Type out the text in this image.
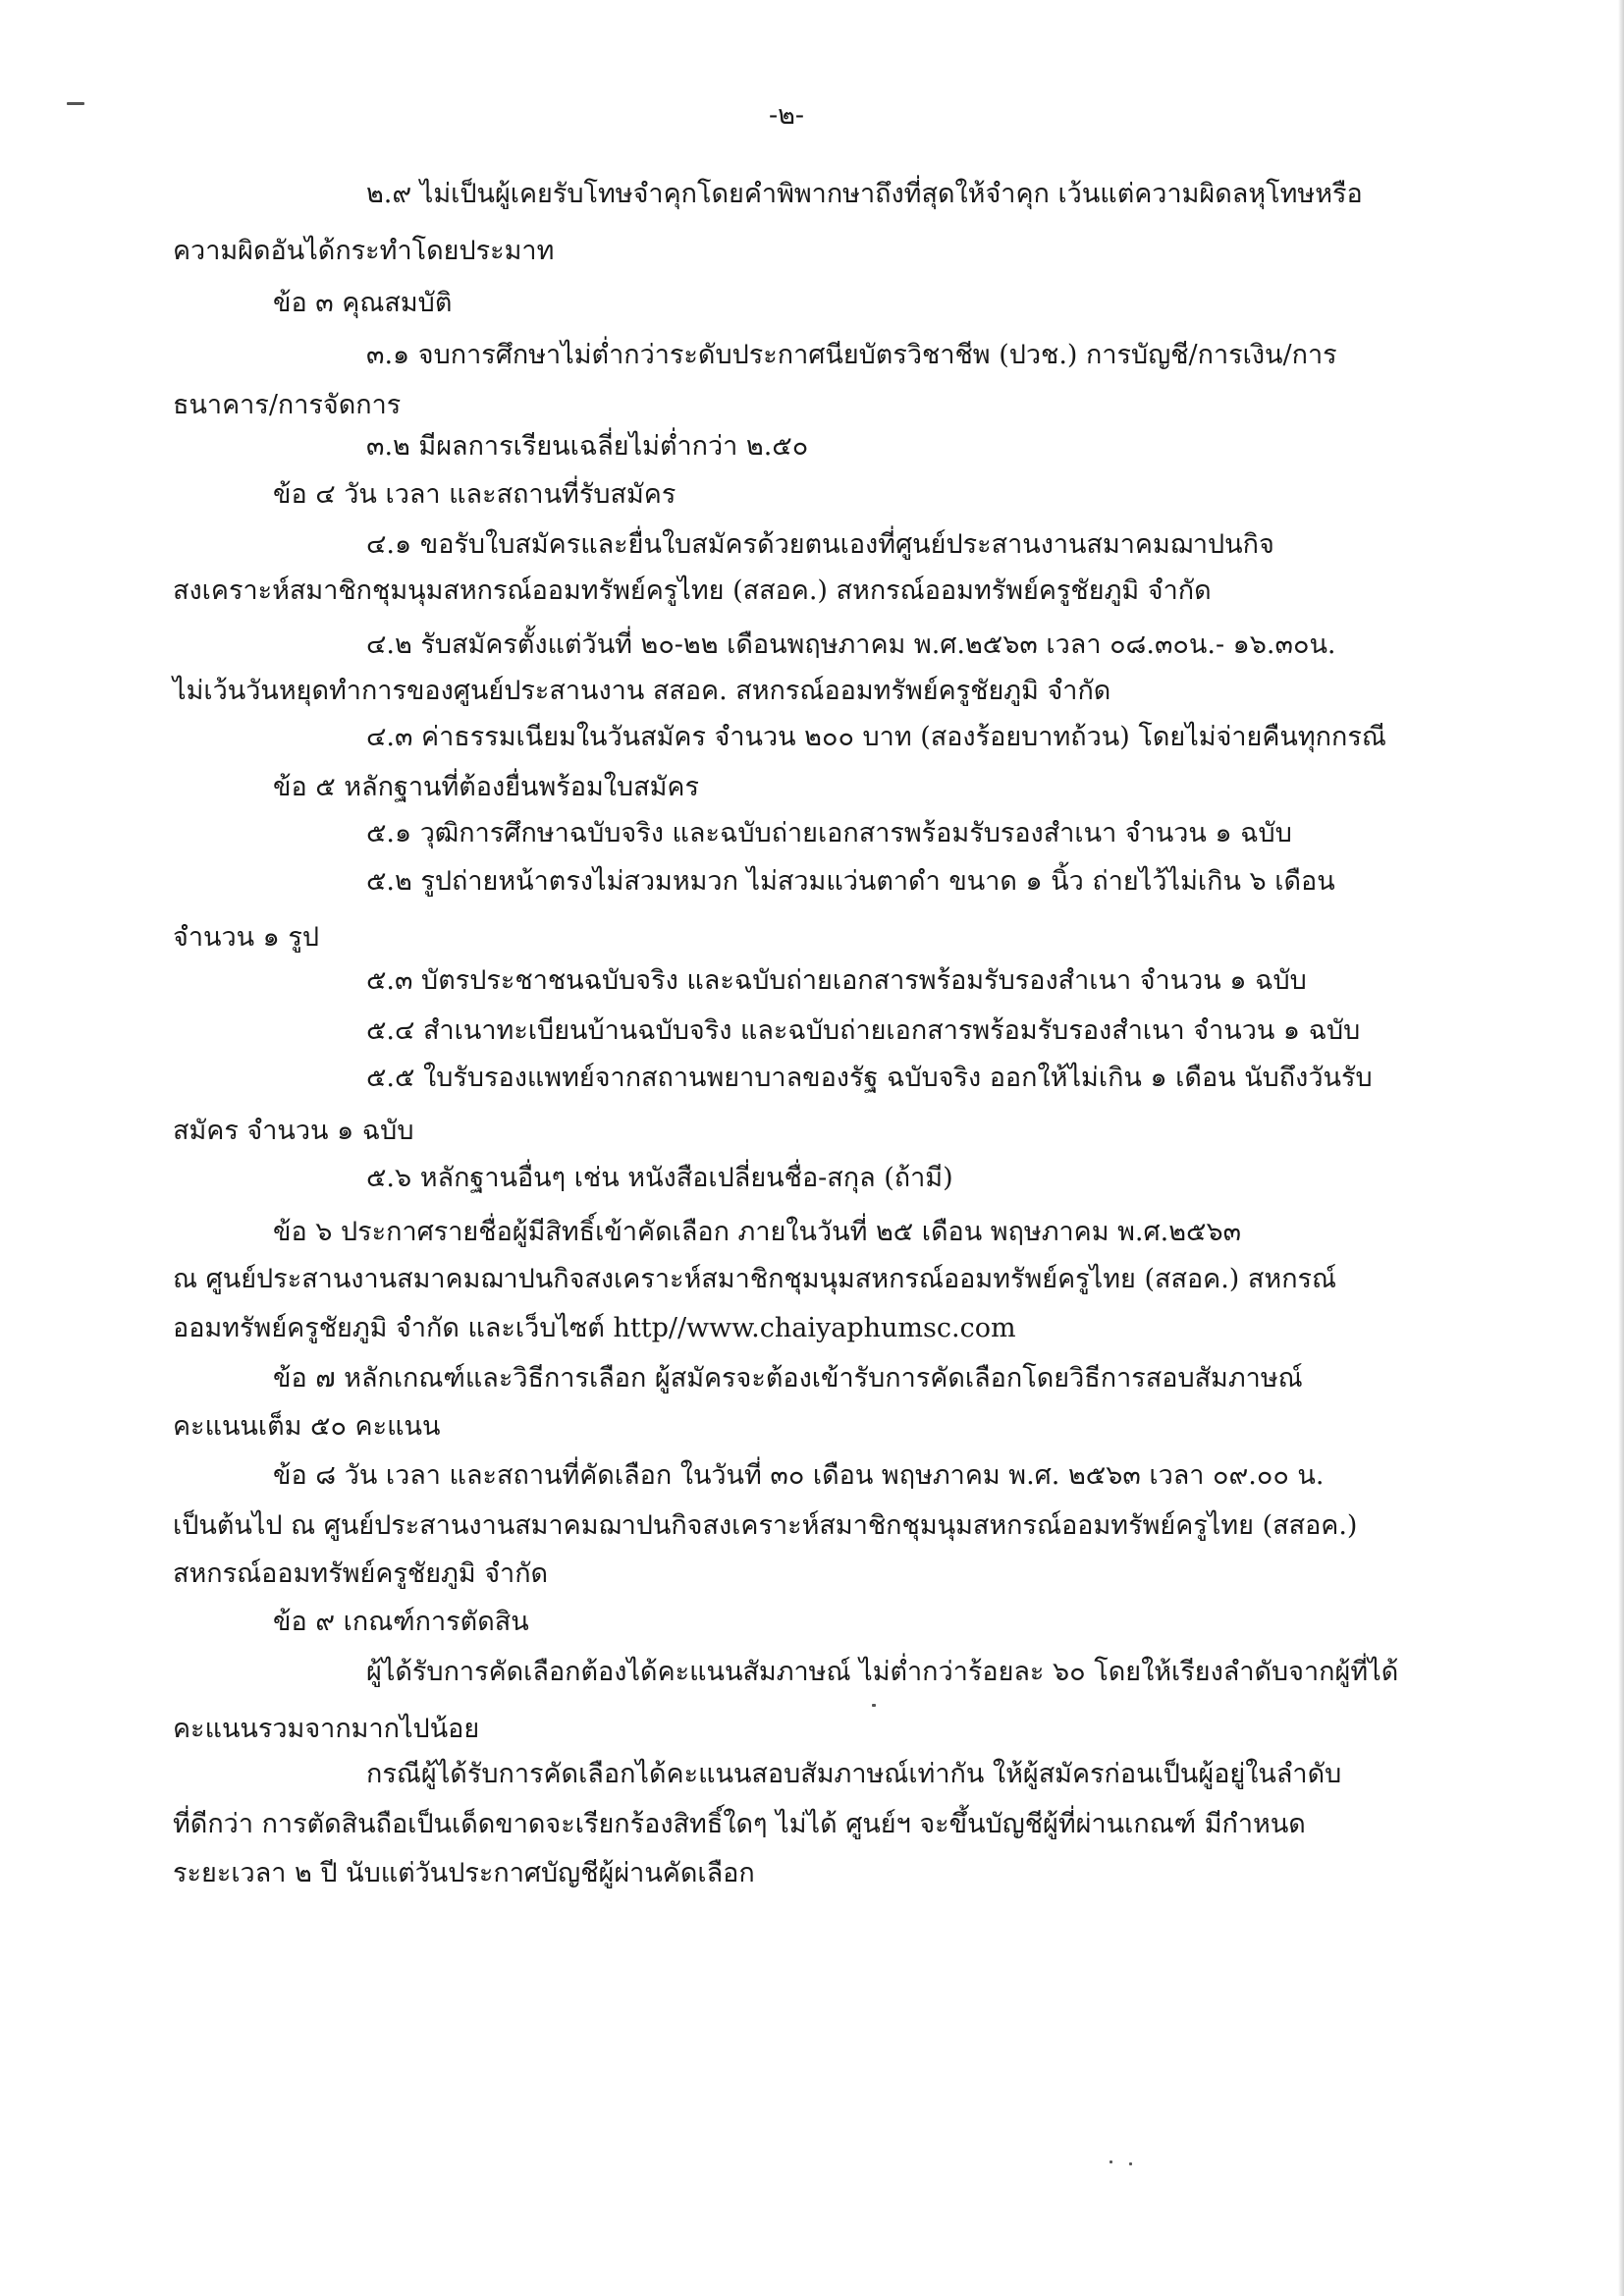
-๒-
๒.๙ ไม่เป็นผู้เคยรับโทษจำคุกโดยคำพิพากษาถึงที่สุดให้จำคุก เว้นแต่ความผิดลหุโทษหรือ
ความผิดอันได้กระทำโดยประมาท
ข้อ ๓ คุณสมบัติ
๓.๑ จบการศึกษาไม่ต่ำกว่าระดับประกาศนียบัตรวิชาชีพ (ปวช.) การบัญชี/การเงิน/การ
ธนาคาร/การจัดการ
๓.๒ มีผลการเรียนเฉลี่ยไม่ต่ำกว่า ๒.๕๐
ข้อ ๔ วัน เวลา และสถานที่รับสมัคร
๔.๑ ขอรับใบสมัครและยื่นใบสมัครด้วยตนเองที่ศูนย์ประสานงานสมาคมฌาปนกิจ
สงเคราะห์สมาชิกชุมนุมสหกรณ์ออมทรัพย์ครูไทย (สสอค.) สหกรณ์ออมทรัพย์ครูชัยภูมิ จำกัด
๔.๒ รับสมัครตั้งแต่วันที่ ๒๐-๒๒ เดือนพฤษภาคม พ.ศ.๒๕๖๓ เวลา ๐๘.๓๐น.- ๑๖.๓๐น.
ไม่เว้นวันหยุดทำการของศูนย์ประสานงาน สสอค. สหกรณ์ออมทรัพย์ครูชัยภูมิ จำกัด
๔.๓ ค่าธรรมเนียมในวันสมัคร จำนวน ๒๐๐ บาท (สองร้อยบาทถ้วน) โดยไม่จ่ายคืนทุกกรณี
ข้อ ๕ หลักฐานที่ต้องยื่นพร้อมใบสมัคร
๕.๑ วุฒิการศึกษาฉบับจริง และฉบับถ่ายเอกสารพร้อมรับรองสำเนา จำนวน ๑ ฉบับ
๕.๒ รูปถ่ายหน้าตรงไม่สวมหมวก ไม่สวมแว่นตาดำ ขนาด ๑ นิ้ว ถ่ายไว้ไม่เกิน ๖ เดือน
จำนวน ๑ รูป
๕.๓ บัตรประชาชนฉบับจริง และฉบับถ่ายเอกสารพร้อมรับรองสำเนา จำนวน ๑ ฉบับ
๕.๔ สำเนาทะเบียนบ้านฉบับจริง และฉบับถ่ายเอกสารพร้อมรับรองสำเนา จำนวน ๑ ฉบับ
๕.๕ ใบรับรองแพทย์จากสถานพยาบาลของรัฐ ฉบับจริง ออกให้ไม่เกิน ๑ เดือน นับถึงวันรับ
สมัคร จำนวน ๑ ฉบับ
๕.๖ หลักฐานอื่นๆ เช่น หนังสือเปลี่ยนชื่อ-สกุล (ถ้ามี)
ข้อ ๖ ประกาศรายชื่อผู้มีสิทธิ์เข้าคัดเลือก ภายในวันที่ ๒๕ เดือน พฤษภาคม พ.ศ.๒๕๖๓
ณ ศูนย์ประสานงานสมาคมฌาปนกิจสงเคราะห์สมาชิกชุมนุมสหกรณ์ออมทรัพย์ครูไทย (สสอค.) สหกรณ์
ออมทรัพย์ครูชัยภูมิ จำกัด และเว็บไซต์ http//www.chaiyaphumsc.com
ข้อ ๗ หลักเกณฑ์และวิธีการเลือก ผู้สมัครจะต้องเข้ารับการคัดเลือกโดยวิธีการสอบสัมภาษณ์
คะแนนเต็ม ๕๐ คะแนน
ข้อ ๘ วัน เวลา และสถานที่คัดเลือก ในวันที่ ๓๐ เดือน พฤษภาคม พ.ศ. ๒๕๖๓ เวลา ๐๙.๐๐ น.
เป็นต้นไป ณ ศูนย์ประสานงานสมาคมฌาปนกิจสงเคราะห์สมาชิกชุมนุมสหกรณ์ออมทรัพย์ครูไทย (สสอค.)
สหกรณ์ออมทรัพย์ครูชัยภูมิ จำกัด
ข้อ ๙ เกณฑ์การตัดสิน
ผู้ได้รับการคัดเลือกต้องได้คะแนนสัมภาษณ์ ไม่ต่ำกว่าร้อยละ ๖๐ โดยให้เรียงลำดับจากผู้ที่ได้
คะแนนรวมจากมากไปน้อย
กรณีผู้ได้รับการคัดเลือกได้คะแนนสอบสัมภาษณ์เท่ากัน ให้ผู้สมัครก่อนเป็นผู้อยู่ในลำดับ
ที่ดีกว่า การตัดสินถือเป็นเด็ดขาดจะเรียกร้องสิทธิ์ใดๆ ไม่ได้ ศูนย์ฯ จะขึ้นบัญชีผู้ที่ผ่านเกณฑ์ มีกำหนด
ระยะเวลา ๒ ปี นับแต่วันประกาศบัญชีผู้ผ่านคัดเลือก
